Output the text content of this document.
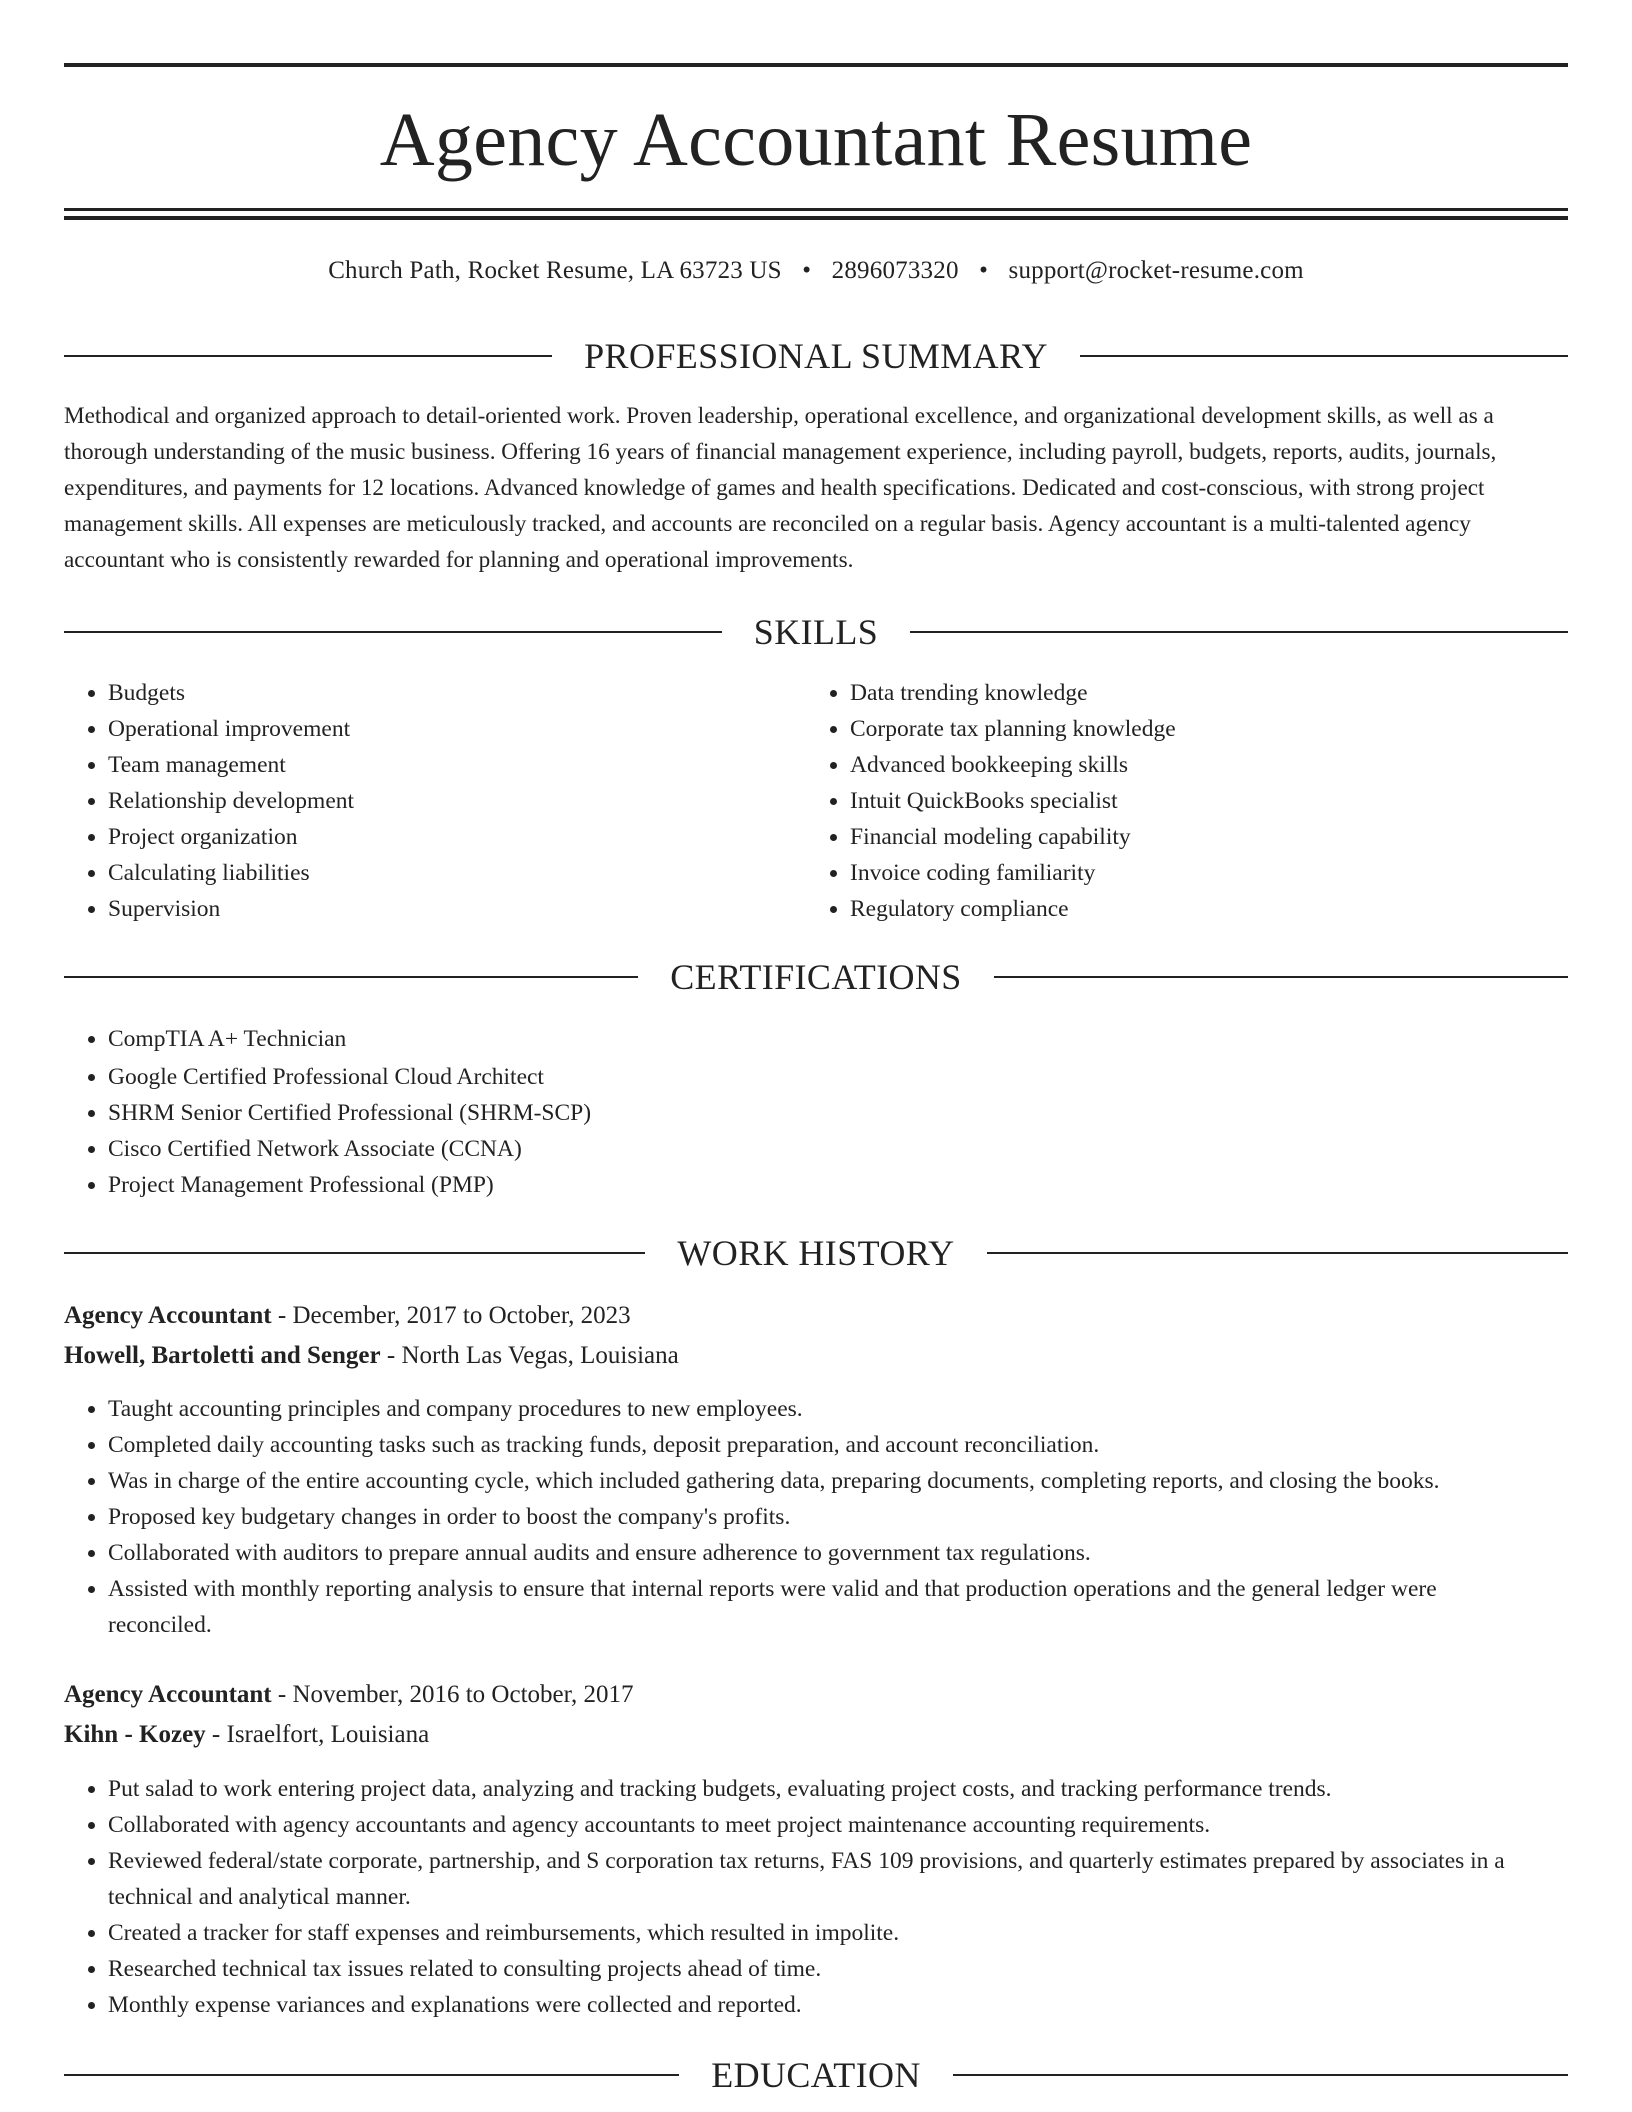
Agency Accountant Resume
Church Path, Rocket Resume, LA 63723 US • 2896073320 • support@rocket-resume.com
PROFESSIONAL SUMMARY

Methodical and organized approach to detail-oriented work. Proven leadership, operational excellence, and organizational development skills, as well as a thorough understanding of the music business. Offering 16 years of financial management experience, including payroll, budgets, reports, audits, journals, expenditures, and payments for 12 locations. Advanced knowledge of games and health specifications. Dedicated and cost-conscious, with strong project management skills. All expenses are meticulously tracked, and accounts are reconciled on a regular basis. Agency accountant is a multi-talented agency accountant who is consistently rewarded for planning and operational improvements.

SKILLS
• Budgets
• Operational improvement
• Team management
• Relationship development
• Project organization
• Calculating liabilities
• Supervision
• Data trending knowledge
• Corporate tax planning knowledge
• Advanced bookkeeping skills
• Intuit QuickBooks specialist
• Financial modeling capability
• Invoice coding familiarity
• Regulatory compliance
CERTIFICATIONS
• CompTIA A+ Technician
• Google Certified Professional Cloud Architect
• SHRM Senior Certified Professional (SHRM-SCP)
• Cisco Certified Network Associate (CCNA)
• Project Management Professional (PMP)
WORK HISTORY
Agency Accountant - December, 2017 to October, 2023
Howell, Bartoletti and Senger - North Las Vegas, Louisiana
• Taught accounting principles and company procedures to new employees.
• Completed daily accounting tasks such as tracking funds, deposit preparation, and account reconciliation.
• Was in charge of the entire accounting cycle, which included gathering data, preparing documents, completing reports, and closing the books.
• Proposed key budgetary changes in order to boost the company's profits.
• Collaborated with auditors to prepare annual audits and ensure adherence to government tax regulations.
• Assisted with monthly reporting analysis to ensure that internal reports were valid and that production operations and the general ledger were reconciled.
Agency Accountant - November, 2016 to October, 2017
Kihn - Kozey - Israelfort, Louisiana
• Put salad to work entering project data, analyzing and tracking budgets, evaluating project costs, and tracking performance trends.
• Collaborated with agency accountants and agency accountants to meet project maintenance accounting requirements.
• Reviewed federal/state corporate, partnership, and S corporation tax returns, FAS 109 provisions, and quarterly estimates prepared by associates in a technical and analytical manner.
• Created a tracker for staff expenses and reimbursements, which resulted in impolite.
• Researched technical tax issues related to consulting projects ahead of time.
• Monthly expense variances and explanations were collected and reported.
EDUCATION
